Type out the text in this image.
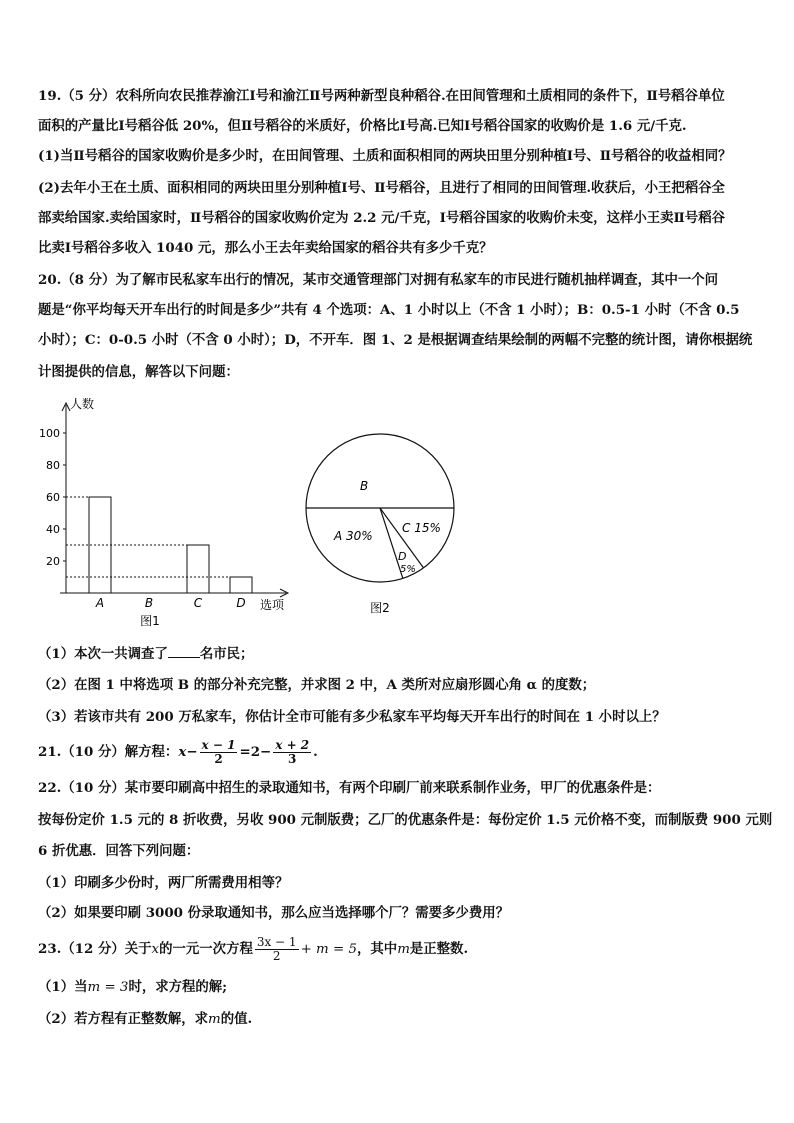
19.（5 分）农科所向农民推荐渝江Ⅰ号和渝江Ⅱ号两种新型良种稻谷.在田间管理和土质相同的条件下，Ⅱ号稻谷单位
面积的产量比Ⅰ号稻谷低 20%，但Ⅱ号稻谷的米质好，价格比Ⅰ号高.已知Ⅰ号稻谷国家的收购价是 1.6 元/千克.
(1)当Ⅱ号稻谷的国家收购价是多少时，在田间管理、土质和面积相同的两块田里分别种植Ⅰ号、Ⅱ号稻谷的收益相同？
(2)去年小王在土质、面积相同的两块田里分别种植Ⅰ号、Ⅱ号稻谷，且进行了相同的田间管理.收获后，小王把稻谷全
部卖给国家.卖给国家时，Ⅱ号稻谷的国家收购价定为 2.2 元/千克，Ⅰ号稻谷国家的收购价未变，这样小王卖Ⅱ号稻谷
比卖Ⅰ号稻谷多收入 1040 元，那么小王去年卖给国家的稻谷共有多少千克？
20.（8 分）为了解市民私家车出行的情况，某市交通管理部门对拥有私家车的市民进行随机抽样调查，其中一个问
题是“你平均每天开车出行的时间是多少”共有 4 个选项：A、1 小时以上（不含 1 小时）；B：0.5-1 小时（不含 0.5
小时）；C：0-0.5 小时（不含 0 小时）；D，不开车．图 1、2 是根据调查结果绘制的两幅不完整的统计图，请你根据统
计图提供的信息，解答以下问题：
人数
选项
20
40
60
80
100
A	B	C	D
图1
B
A 30%
C 15%
D
5%
图2
（1）本次一共调查了 名市民；
（2）在图 1 中将选项 B 的部分补充完整，并求图 2 中，A 类所对应扇形圆心角 α 的度数；
（3）若该市共有 200 万私家车，你估计全市可能有多少私家车平均每天开车出行的时间在 1 小时以上？
21.（10 分）解方程：$x- \frac{x - 1}{2} =2- \frac{x + 2}{3}$ .
22.（10 分）某市要印刷高中招生的录取通知书，有两个印刷厂前来联系制作业务，甲厂的优惠条件是：
按每份定价 1.5 元的 8 折收费，另收 900 元制版费；乙厂的优惠条件是：每份定价 1.5 元价格不变，而制版费 900 元则
6 折优惠．回答下列问题：
（1）印刷多少份时，两厂所需费用相等？
（2）如果要印刷 3000 份录取通知书，那么应当选择哪个厂？需要多少费用？
23.（12 分）关于x的一元一次方程 $\frac{3x - 1}{2} + m = 5$，其中m是正整数.
（1）当m = 3时，求方程的解;
（2）若方程有正整数解，求m的值.
